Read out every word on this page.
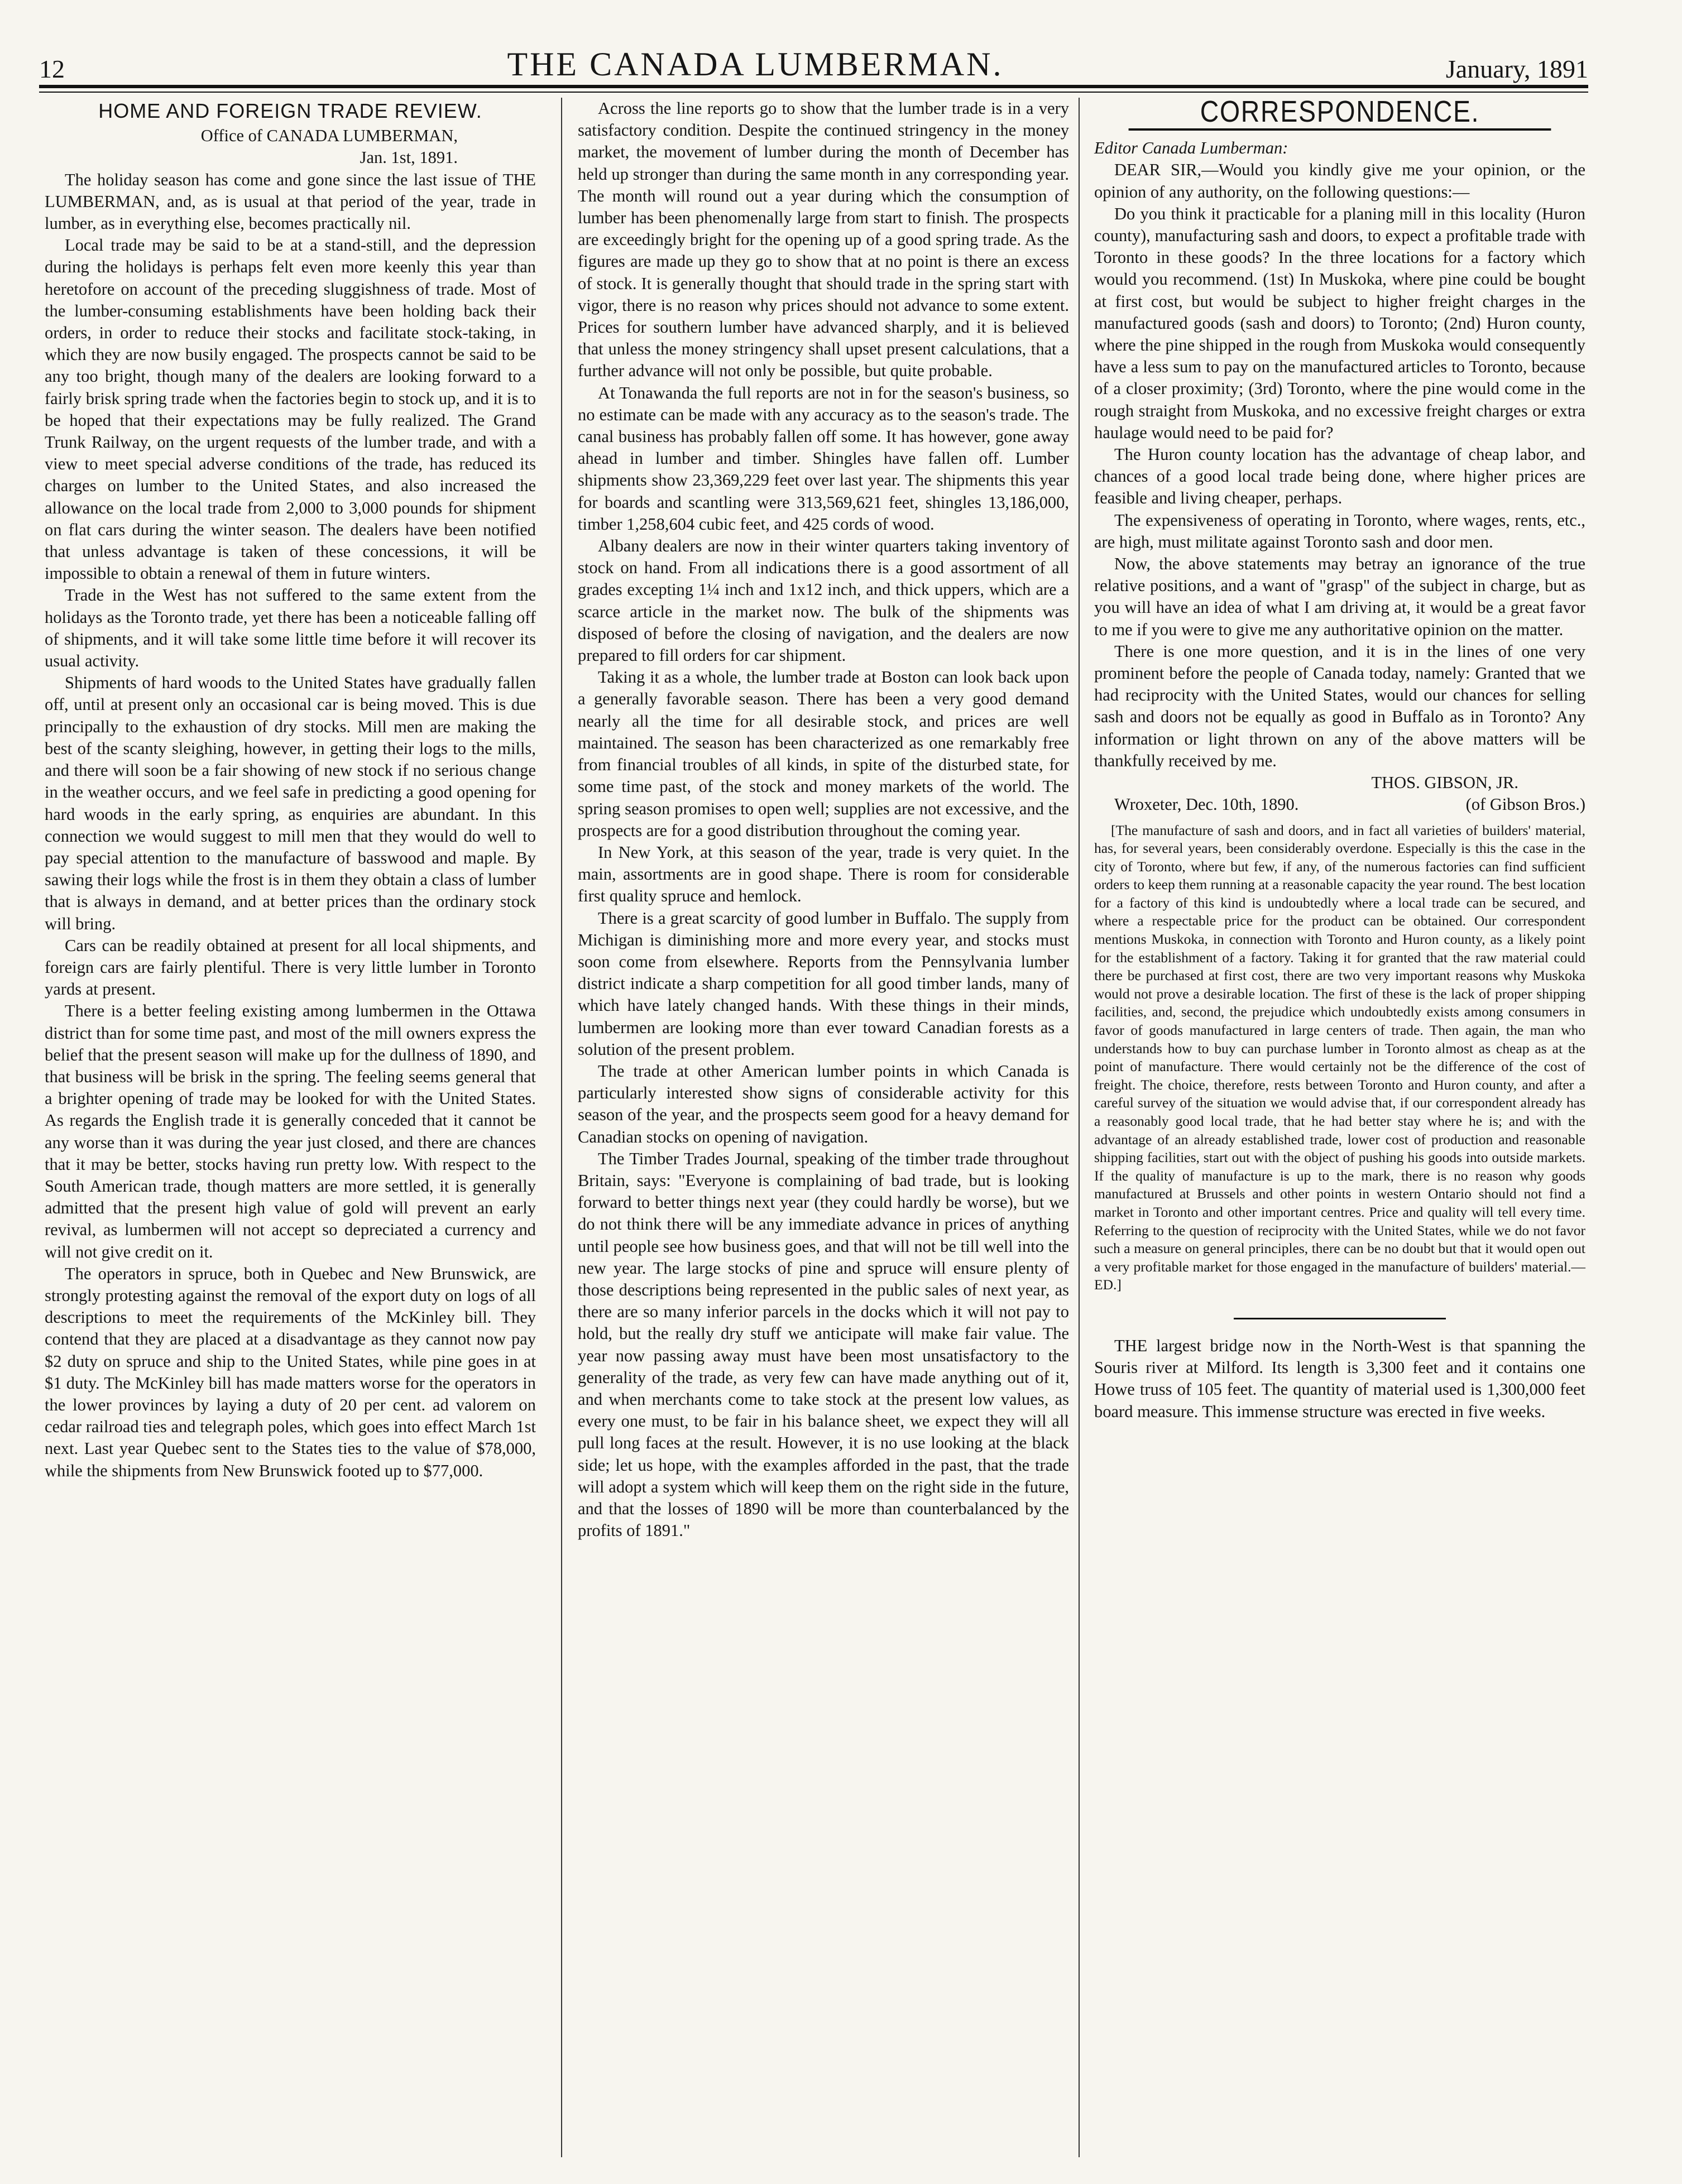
12	THE CANADA LUMBERMAN.	January, 1891
HOME AND FOREIGN TRADE REVIEW.
Office of CANADA LUMBERMAN,
Jan. 1st, 1891.

The holiday season has come and gone since the last issue of THE LUMBERMAN, and, as is usual at that period of the year, trade in lumber, as in everything else, becomes practically nil.

Local trade may be said to be at a stand-still, and the depression during the holidays is perhaps felt even more keenly this year than heretofore on account of the preceding sluggishness of trade. Most of the lumber-consuming establishments have been holding back their orders, in order to reduce their stocks and facilitate stock-taking, in which they are now busily engaged. The prospects cannot be said to be any too bright, though many of the dealers are looking forward to a fairly brisk spring trade when the factories begin to stock up, and it is to be hoped that their expectations may be fully realized. The Grand Trunk Railway, on the urgent requests of the lumber trade, and with a view to meet special adverse conditions of the trade, has reduced its charges on lumber to the United States, and also increased the allowance on the local trade from 2,000 to 3,000 pounds for shipment on flat cars during the winter season. The dealers have been notified that unless advantage is taken of these concessions, it will be impossible to obtain a renewal of them in future winters.

Trade in the West has not suffered to the same extent from the holidays as the Toronto trade, yet there has been a noticeable falling off of shipments, and it will take some little time before it will recover its usual activity.

Shipments of hard woods to the United States have gradually fallen off, until at present only an occasional car is being moved. This is due principally to the exhaustion of dry stocks. Mill men are making the best of the scanty sleighing, however, in getting their logs to the mills, and there will soon be a fair showing of new stock if no serious change in the weather occurs, and we feel safe in predicting a good opening for hard woods in the early spring, as enquiries are abundant. In this connection we would suggest to mill men that they would do well to pay special attention to the manufacture of basswood and maple. By sawing their logs while the frost is in them they obtain a class of lumber that is always in demand, and at better prices than the ordinary stock will bring.

Cars can be readily obtained at present for all local shipments, and foreign cars are fairly plentiful. There is very little lumber in Toronto yards at present.

There is a better feeling existing among lumbermen in the Ottawa district than for some time past, and most of the mill owners express the belief that the present season will make up for the dullness of 1890, and that business will be brisk in the spring. The feeling seems general that a brighter opening of trade may be looked for with the United States. As regards the English trade it is generally conceded that it cannot be any worse than it was during the year just closed, and there are chances that it may be better, stocks having run pretty low. With respect to the South American trade, though matters are more settled, it is generally admitted that the present high value of gold will prevent an early revival, as lumbermen will not accept so depreciated a currency and will not give credit on it.

The operators in spruce, both in Quebec and New Brunswick, are strongly protesting against the removal of the export duty on logs of all descriptions to meet the requirements of the McKinley bill. They contend that they are placed at a disadvantage as they cannot now pay $2 duty on spruce and ship to the United States, while pine goes in at $1 duty. The McKinley bill has made matters worse for the operators in the lower provinces by laying a duty of 20 per cent. ad valorem on cedar railroad ties and telegraph poles, which goes into effect March 1st next. Last year Quebec sent to the States ties to the value of $78,000, while the shipments from New Brunswick footed up to $77,000.

Across the line reports go to show that the lumber trade is in a very satisfactory condition. Despite the continued stringency in the money market, the movement of lumber during the month of December has held up stronger than during the same month in any corresponding year. The month will round out a year during which the consumption of lumber has been phenomenally large from start to finish. The prospects are exceedingly bright for the opening up of a good spring trade. As the figures are made up they go to show that at no point is there an excess of stock. It is generally thought that should trade in the spring start with vigor, there is no reason why prices should not advance to some extent. Prices for southern lumber have advanced sharply, and it is believed that unless the money stringency shall upset present calculations, that a further advance will not only be possible, but quite probable.

At Tonawanda the full reports are not in for the season's business, so no estimate can be made with any accuracy as to the season's trade. The canal business has probably fallen off some. It has however, gone away ahead in lumber and timber. Shingles have fallen off. Lumber shipments show 23,369,229 feet over last year. The shipments this year for boards and scantling were 313,569,621 feet, shingles 13,186,000, timber 1,258,604 cubic feet, and 425 cords of wood.

Albany dealers are now in their winter quarters taking inventory of stock on hand. From all indications there is a good assortment of all grades excepting 1¼ inch and 1x12 inch, and thick uppers, which are a scarce article in the market now. The bulk of the shipments was disposed of before the closing of navigation, and the dealers are now prepared to fill orders for car shipment.

Taking it as a whole, the lumber trade at Boston can look back upon a generally favorable season. There has been a very good demand nearly all the time for all desirable stock, and prices are well maintained. The season has been characterized as one remarkably free from financial troubles of all kinds, in spite of the disturbed state, for some time past, of the stock and money markets of the world. The spring season promises to open well; supplies are not excessive, and the prospects are for a good distribution throughout the coming year.

In New York, at this season of the year, trade is very quiet. In the main, assortments are in good shape. There is room for considerable first quality spruce and hemlock.

There is a great scarcity of good lumber in Buffalo. The supply from Michigan is diminishing more and more every year, and stocks must soon come from elsewhere. Reports from the Pennsylvania lumber district indicate a sharp competition for all good timber lands, many of which have lately changed hands. With these things in their minds, lumbermen are looking more than ever toward Canadian forests as a solution of the present problem.

The trade at other American lumber points in which Canada is particularly interested show signs of considerable activity for this season of the year, and the prospects seem good for a heavy demand for Canadian stocks on opening of navigation.

The Timber Trades Journal, speaking of the timber trade throughout Britain, says: "Everyone is complaining of bad trade, but is looking forward to better things next year (they could hardly be worse), but we do not think there will be any immediate advance in prices of anything until people see how business goes, and that will not be till well into the new year. The large stocks of pine and spruce will ensure plenty of those descriptions being represented in the public sales of next year, as there are so many inferior parcels in the docks which it will not pay to hold, but the really dry stuff we anticipate will make fair value. The year now passing away must have been most unsatisfactory to the generality of the trade, as very few can have made anything out of it, and when merchants come to take stock at the present low values, as every one must, to be fair in his balance sheet, we expect they will all pull long faces at the result. However, it is no use looking at the black side; let us hope, with the examples afforded in the past, that the trade will adopt a system which will keep them on the right side in the future, and that the losses of 1890 will be more than counterbalanced by the profits of 1891."

CORRESPONDENCE.

Editor Canada Lumberman:

DEAR SIR,—Would you kindly give me your opinion, or the opinion of any authority, on the following questions:—

Do you think it practicable for a planing mill in this locality (Huron county), manufacturing sash and doors, to expect a profitable trade with Toronto in these goods? In the three locations for a factory which would you recommend. (1st) In Muskoka, where pine could be bought at first cost, but would be subject to higher freight charges in the manufactured goods (sash and doors) to Toronto; (2nd) Huron county, where the pine shipped in the rough from Muskoka would consequently have a less sum to pay on the manufactured articles to Toronto, because of a closer proximity; (3rd) Toronto, where the pine would come in the rough straight from Muskoka, and no excessive freight charges or extra haulage would need to be paid for?

The Huron county location has the advantage of cheap labor, and chances of a good local trade being done, where higher prices are feasible and living cheaper, perhaps.

The expensiveness of operating in Toronto, where wages, rents, etc., are high, must militate against Toronto sash and door men.

Now, the above statements may betray an ignorance of the true relative positions, and a want of "grasp" of the subject in charge, but as you will have an idea of what I am driving at, it would be a great favor to me if you were to give me any authoritative opinion on the matter.

There is one more question, and it is in the lines of one very prominent before the people of Canada today, namely: Granted that we had reciprocity with the United States, would our chances for selling sash and doors not be equally as good in Buffalo as in Toronto? Any information or light thrown on any of the above matters will be thankfully received by me.

THOS. GIBSON, JR.

Wroxeter, Dec. 10th, 1890.	(of Gibson Bros.)

[The manufacture of sash and doors, and in fact all varieties of builders' material, has, for several years, been considerably overdone. Especially is this the case in the city of Toronto, where but few, if any, of the numerous factories can find sufficient orders to keep them running at a reasonable capacity the year round. The best location for a factory of this kind is undoubtedly where a local trade can be secured, and where a respectable price for the product can be obtained. Our correspondent mentions Muskoka, in connection with Toronto and Huron county, as a likely point for the establishment of a factory. Taking it for granted that the raw material could there be purchased at first cost, there are two very important reasons why Muskoka would not prove a desirable location. The first of these is the lack of proper shipping facilities, and, second, the prejudice which undoubtedly exists among consumers in favor of goods manufactured in large centers of trade. Then again, the man who understands how to buy can purchase lumber in Toronto almost as cheap as at the point of manufacture. There would certainly not be the difference of the cost of freight. The choice, therefore, rests between Toronto and Huron county, and after a careful survey of the situation we would advise that, if our correspondent already has a reasonably good local trade, that he had better stay where he is; and with the advantage of an already established trade, lower cost of production and reasonable shipping facilities, start out with the object of pushing his goods into outside markets. If the quality of manufacture is up to the mark, there is no reason why goods manufactured at Brussels and other points in western Ontario should not find a market in Toronto and other important centres. Price and quality will tell every time. Referring to the question of reciprocity with the United States, while we do not favor such a measure on general principles, there can be no doubt but that it would open out a very profitable market for those engaged in the manufacture of builders' material.—ED.]

THE largest bridge now in the North-West is that spanning the Souris river at Milford. Its length is 3,300 feet and it contains one Howe truss of 105 feet. The quantity of material used is 1,300,000 feet board measure. This immense structure was erected in five weeks.
